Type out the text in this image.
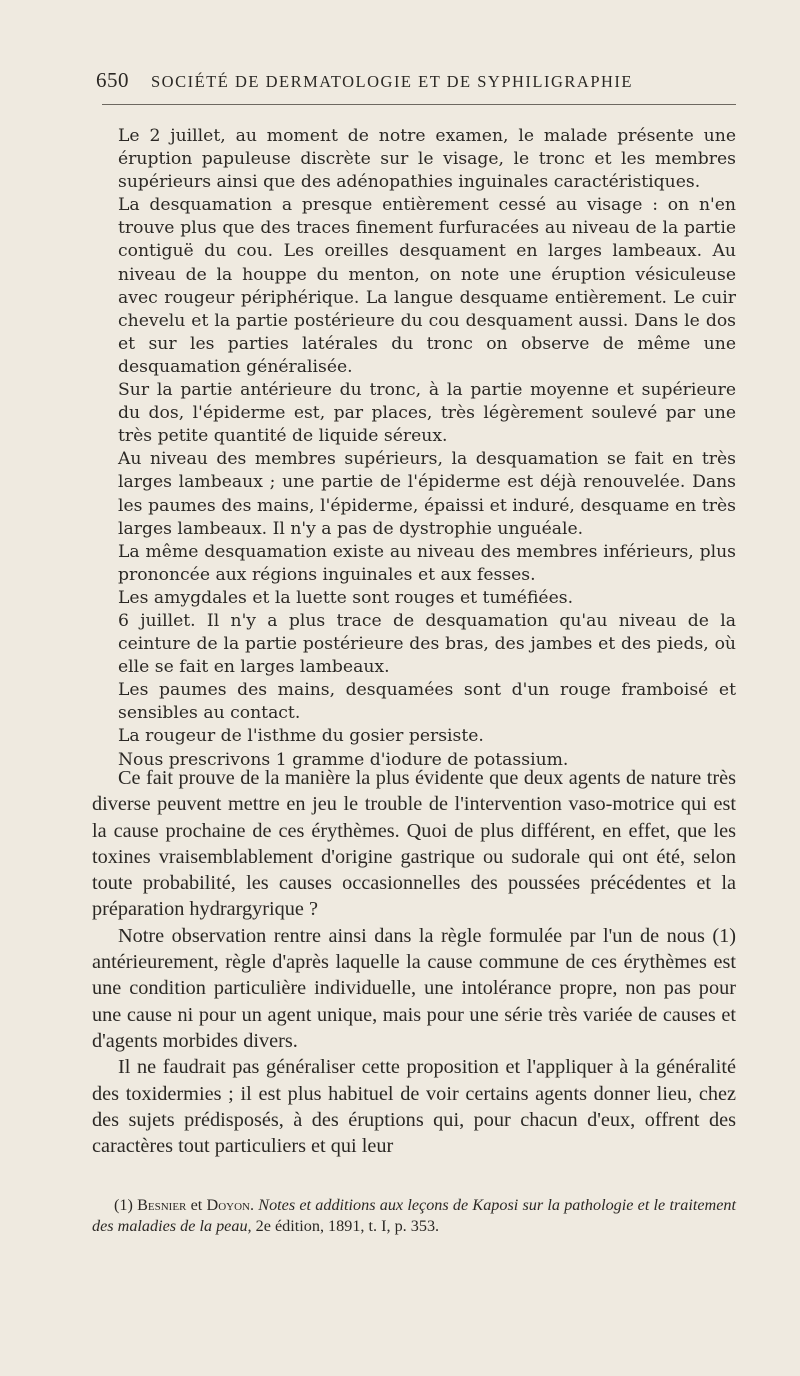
650 SOCIÉTÉ DE DERMATOLOGIE ET DE SYPHILIGRAPHIE

Le 2 juillet, au moment de notre examen, le malade présente une éruption papuleuse discrète sur le visage, le tronc et les membres supérieurs ainsi que des adénopathies inguinales caractéristiques.

La desquamation a presque entièrement cessé au visage : on n'en trouve plus que des traces finement furfuracées au niveau de la partie contiguë du cou. Les oreilles desquament en larges lambeaux. Au niveau de la houppe du menton, on note une éruption vésiculeuse avec rougeur périphérique. La langue desquame entièrement. Le cuir chevelu et la partie postérieure du cou desquament aussi. Dans le dos et sur les parties latérales du tronc on observe de même une desquamation généralisée.

Sur la partie antérieure du tronc, à la partie moyenne et supérieure du dos, l'épiderme est, par places, très légèrement soulevé par une très petite quantité de liquide séreux.

Au niveau des membres supérieurs, la desquamation se fait en très larges lambeaux ; une partie de l'épiderme est déjà renouvelée. Dans les paumes des mains, l'épiderme, épaissi et induré, desquame en très larges lambeaux. Il n'y a pas de dystrophie unguéale.

La même desquamation existe au niveau des membres inférieurs, plus prononcée aux régions inguinales et aux fesses.

Les amygdales et la luette sont rouges et tuméfiées.

6 juillet. Il n'y a plus trace de desquamation qu'au niveau de la ceinture de la partie postérieure des bras, des jambes et des pieds, où elle se fait en larges lambeaux.

Les paumes des mains, desquamées sont d'un rouge framboisé et sensibles au contact.

La rougeur de l'isthme du gosier persiste.

Nous prescrivons 1 gramme d'iodure de potassium.

Ce fait prouve de la manière la plus évidente que deux agents de nature très diverse peuvent mettre en jeu le trouble de l'intervention vaso-motrice qui est la cause prochaine de ces érythèmes. Quoi de plus différent, en effet, que les toxines vraisemblablement d'origine gastrique ou sudorale qui ont été, selon toute probabilité, les causes occasionnelles des poussées précédentes et la préparation hydrargyrique ?

Notre observation rentre ainsi dans la règle formulée par l'un de nous (1) antérieurement, règle d'après laquelle la cause commune de ces érythèmes est une condition particulière individuelle, une intolérance propre, non pas pour une cause ni pour un agent unique, mais pour une série très variée de causes et d'agents morbides divers.

Il ne faudrait pas généraliser cette proposition et l'appliquer à la généralité des toxidermies ; il est plus habituel de voir certains agents donner lieu, chez des sujets prédisposés, à des éruptions qui, pour chacun d'eux, offrent des caractères tout particuliers et qui leur

(1) Besnier et Doyon. Notes et additions aux leçons de Kaposi sur la pathologie et le traitement des maladies de la peau, 2e édition, 1891, t. I, p. 353.
